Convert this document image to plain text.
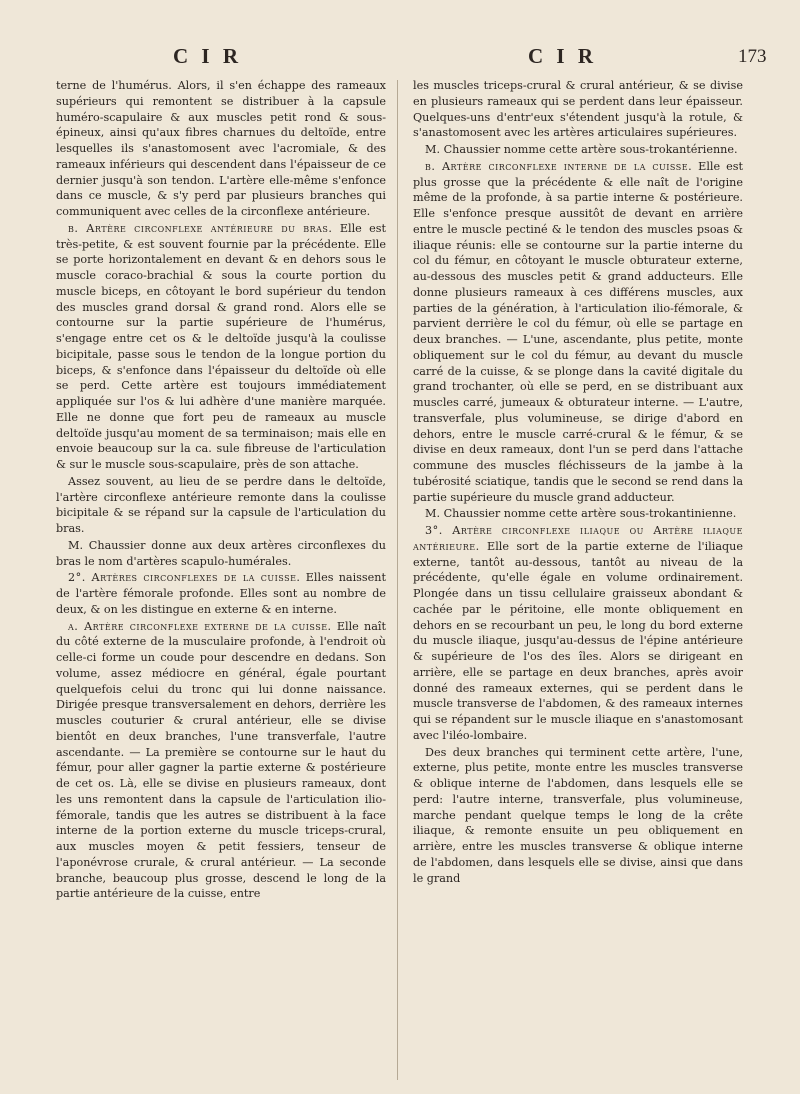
C I R	C I R	173

terne de l'humérus. Alors, il s'en échappe des rameaux supérieurs qui remontent se distribuer à la capsule huméro-scapulaire & aux muscles petit rond & sous-épineux, ainsi qu'aux fibres charnues du deltoïde, entre lesquelles ils s'anastomosent avec l'acromiale, & des rameaux inférieurs qui descendent dans l'épaisseur de ce dernier jusqu'à son tendon. L'artère elle-même s'enfonce dans ce muscle, & s'y perd par plusieurs branches qui communiquent avec celles de la circonflexe antérieure.

b. Artère circonflexe antérieure du bras. Elle est très-petite, & est souvent fournie par la précédente. Elle se porte horizontalement en devant & en dehors sous le muscle coraco-brachial & sous la courte portion du muscle biceps, en côtoyant le bord supérieur du tendon des muscles grand dorsal & grand rond. Alors elle se contourne sur la partie supérieure de l'humérus, s'engage entre cet os & le deltoïde jusqu'à la coulisse bicipitale, passe sous le tendon de la longue portion du biceps, & s'enfonce dans l'épaisseur du deltoïde où elle se perd. Cette artère est toujours immédiatement appliquée sur l'os & lui adhère d'une manière marquée. Elle ne donne que fort peu de rameaux au muscle deltoïde jusqu'au moment de sa terminaison; mais elle en envoie beaucoup sur la ca. sule fibreuse de l'articulation & sur le muscle sous-scapulaire, près de son attache.

Assez souvent, au lieu de se perdre dans le deltoïde, l'artère circonflexe antérieure remonte dans la coulisse bicipitale & se répand sur la capsule de l'articulation du bras.

M. Chaussier donne aux deux artères circonflexes du bras le nom d'artères scapulo-humérales.

2°. Artères circonflexes de la cuisse. Elles naissent de l'artère fémorale profonde. Elles sont au nombre de deux, & on les distingue en externe & en interne.

a. Artère circonflexe externe de la cuisse. Elle naît du côté externe de la musculaire profonde, à l'endroit où celle-ci forme un coude pour descendre en dedans. Son volume, assez médiocre en général, égale pourtant quelquefois celui du tronc qui lui donne naissance. Dirigée presque transversalement en dehors, derrière les muscles couturier & crural antérieur, elle se divise bientôt en deux branches, l'une transverfale, l'autre ascendante. — La première se contourne sur le haut du fémur, pour aller gagner la partie externe & postérieure de cet os. Là, elle se divise en plusieurs rameaux, dont les uns remontent dans la capsule de l'articulation ilio-fémorale, tandis que les autres se distribuent à la face interne de la portion externe du muscle triceps-crural, aux muscles moyen & petit fessiers, tenseur de l'aponévrose crurale, & crural antérieur. — La seconde branche, beaucoup plus grosse, descend le long de la partie antérieure de la cuisse, entre

les muscles triceps-crural & crural antérieur, & se divise en plusieurs rameaux qui se perdent dans leur épaisseur. Quelques-uns d'entr'eux s'étendent jusqu'à la rotule, & s'anastomosent avec les artères articulaires supérieures.

M. Chaussier nomme cette artère sous-trokantérienne.

b. Artère circonflexe interne de la cuisse. Elle est plus grosse que la précédente & elle naît de l'origine même de la profonde, à sa partie interne & postérieure. Elle s'enfonce presque aussitôt de devant en arrière entre le muscle pectiné & le tendon des muscles psoas & iliaque réunis: elle se contourne sur la partie interne du col du fémur, en côtoyant le muscle obturateur externe, au-dessous des muscles petit & grand adducteurs. Elle donne plusieurs rameaux à ces différens muscles, aux parties de la génération, à l'articulation ilio-fémorale, & parvient derrière le col du fémur, où elle se partage en deux branches. — L'une, ascendante, plus petite, monte obliquement sur le col du fémur, au devant du muscle carré de la cuisse, & se plonge dans la cavité digitale du grand trochanter, où elle se perd, en se distribuant aux muscles carré, jumeaux & obturateur interne. — L'autre, transverfale, plus volumineuse, se dirige d'abord en dehors, entre le muscle carré-crural & le fémur, & se divise en deux rameaux, dont l'un se perd dans l'attache commune des muscles fléchisseurs de la jambe à la tubérosité sciatique, tandis que le second se rend dans la partie supérieure du muscle grand adducteur.

M. Chaussier nomme cette artère sous-trokantinienne.

3°. Artère circonflexe iliaque ou Artère iliaque antérieure. Elle sort de la partie externe de l'iliaque externe, tantôt au-dessous, tantôt au niveau de la précédente, qu'elle égale en volume ordinairement. Plongée dans un tissu cellulaire graisseux abondant & cachée par le péritoine, elle monte obliquement en dehors en se recourbant un peu, le long du bord externe du muscle iliaque, jusqu'au-dessus de l'épine antérieure & supérieure de l'os des îles. Alors se dirigeant en arrière, elle se partage en deux branches, après avoir donné des rameaux externes, qui se perdent dans le muscle transverse de l'abdomen, & des rameaux internes qui se répandent sur le muscle iliaque en s'anastomosant avec l'iléo-lombaire.

Des deux branches qui terminent cette artère, l'une, externe, plus petite, monte entre les muscles transverse & oblique interne de l'abdomen, dans lesquels elle se perd: l'autre interne, transverfale, plus volumineuse, marche pendant quelque temps le long de la crête iliaque, & remonte ensuite un peu obliquement en arrière, entre les muscles transverse & oblique interne de l'abdomen, dans lesquels elle se divise, ainsi que dans le grand
